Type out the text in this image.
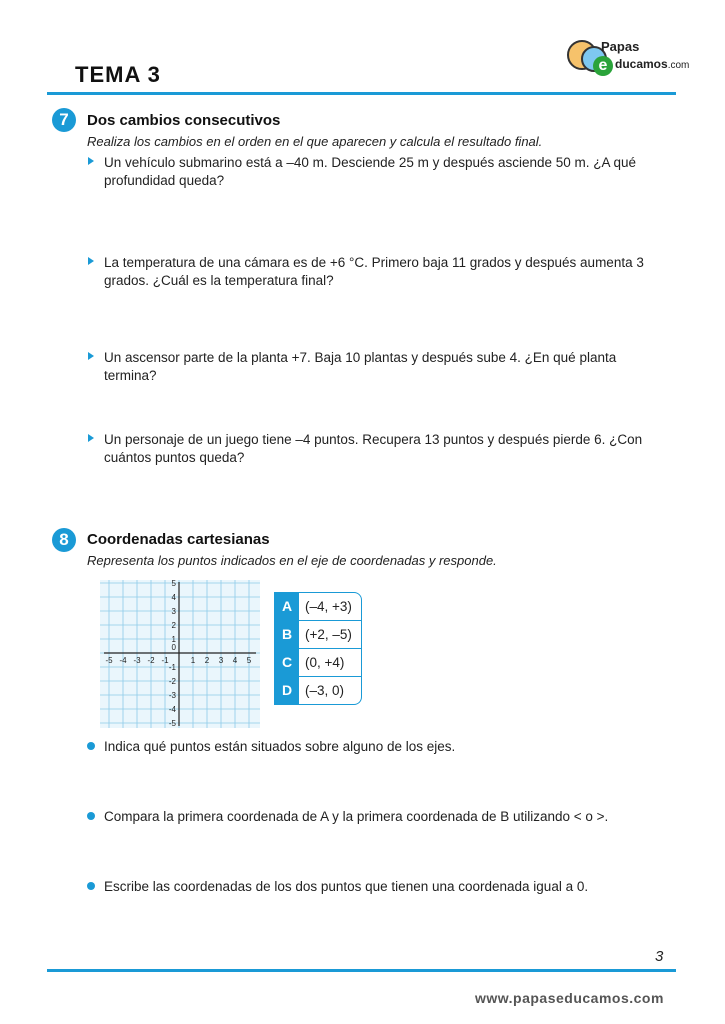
e
Papas
ducamos.com
TEMA 3
7	Dos cambios consecutivos
Realiza los cambios en el orden en el que aparecen y calcula el resultado final.
Un vehículo submarino está a –40 m. Desciende 25 m y después asciende 50 m. ¿A qué profundidad queda?
La temperatura de una cámara es de +6 °C. Primero baja 11 grados y después aumenta 3 grados. ¿Cuál es la temperatura final?
Un ascensor parte de la planta +7. Baja 10 plantas y después sube 4. ¿En qué planta termina?
Un personaje de un juego tiene –4 puntos. Recupera 13 puntos y después pierde 6. ¿Con cuántos puntos queda?
8	Coordenadas cartesianas
Representa los puntos indicados en el eje de coordenadas y responde.
-5 -4 -3 -2 -1	1 2 3 4 5
5
4
3
2
1
-1
-2
-3
-4
-5
0
A (–4, +3)
B (+2, –5)
C (0, +4)
D (–3, 0)
Indica qué puntos están situados sobre alguno de los ejes.
Compara la primera coordenada de A y la primera coordenada de B utilizando < o >.
Escribe las coordenadas de los dos puntos que tienen una coordenada igual a 0.
3
www.papaseducamos.com
